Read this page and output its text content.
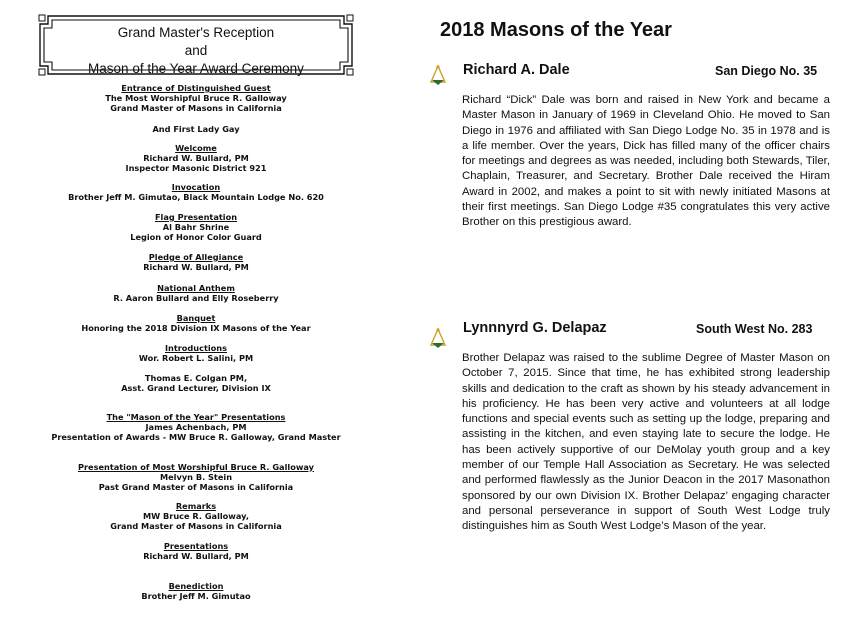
Grand Master's Reception
and
Mason of the Year Award Ceremony
Entrance of Distinguished Guest
The Most Worshipful Bruce R. Galloway
Grand Master of Masons in California
And First Lady Gay
Welcome
Richard W. Bullard, PM
Inspector Masonic District 921
Invocation
Brother Jeff M. Gimutao, Black Mountain Lodge No. 620
Flag Presentation
Al Bahr Shrine
Legion of Honor Color Guard
Pledge of Allegiance
Richard W. Bullard, PM
National Anthem
R. Aaron Bullard and Elly Roseberry
Banquet
Honoring the 2018 Division IX Masons of the Year
Introductions
Wor. Robert L. Salini, PM
Thomas E. Colgan PM,
Asst. Grand Lecturer, Division IX
The "Mason of the Year" Presentations
James Achenbach, PM
Presentation of Awards - MW Bruce R. Galloway, Grand Master
Presentation of Most Worshipful Bruce R. Galloway
Melvyn B. Stein
Past Grand Master of Masons in California
Remarks
MW Bruce R. Galloway,
Grand Master of Masons in California
Presentations
Richard W. Bullard, PM
Benediction
Brother Jeff M. Gimutao
2018 Masons of the Year
Richard A. Dale	San Diego No. 35
Richard “Dick” Dale was born and raised in New York and became a Master Mason in January of 1969 in Cleveland Ohio. He moved to San Diego in 1976 and affiliated with San Diego Lodge No. 35 in 1978 and is a life member. Over the years, Dick has filled many of the officer chairs for meetings and degrees as was needed, including both Stewards, Tiler, Chaplain, Treasurer, and Secretary. Brother Dale received the Hiram Award in 2002, and makes a point to sit with newly initiated Masons at their first meetings. San Diego Lodge #35 congratulates this very active Brother on this prestigious award.
Lynnnyrd G. Delapaz	South West No. 283
Brother Delapaz was raised to the sublime Degree of Master Mason on October 7, 2015. Since that time, he has exhibited strong leadership skills and dedication to the craft as shown by his steady advancement in his proficiency. He has been very active and volunteers at all lodge functions and special events such as setting up the lodge, preparing and assisting in the kitchen, and even staying late to secure the lodge. He has been actively supportive of our DeMolay youth group and a key member of our Temple Hall Association as Secretary. He was selected and performed flawlessly as the Junior Deacon in the 2017 Masonathon sponsored by our own Division IX. Brother Delapaz’ engaging character and personal perseverance in support of South West Lodge truly distinguishes him as South West Lodge’s Mason of the year.
